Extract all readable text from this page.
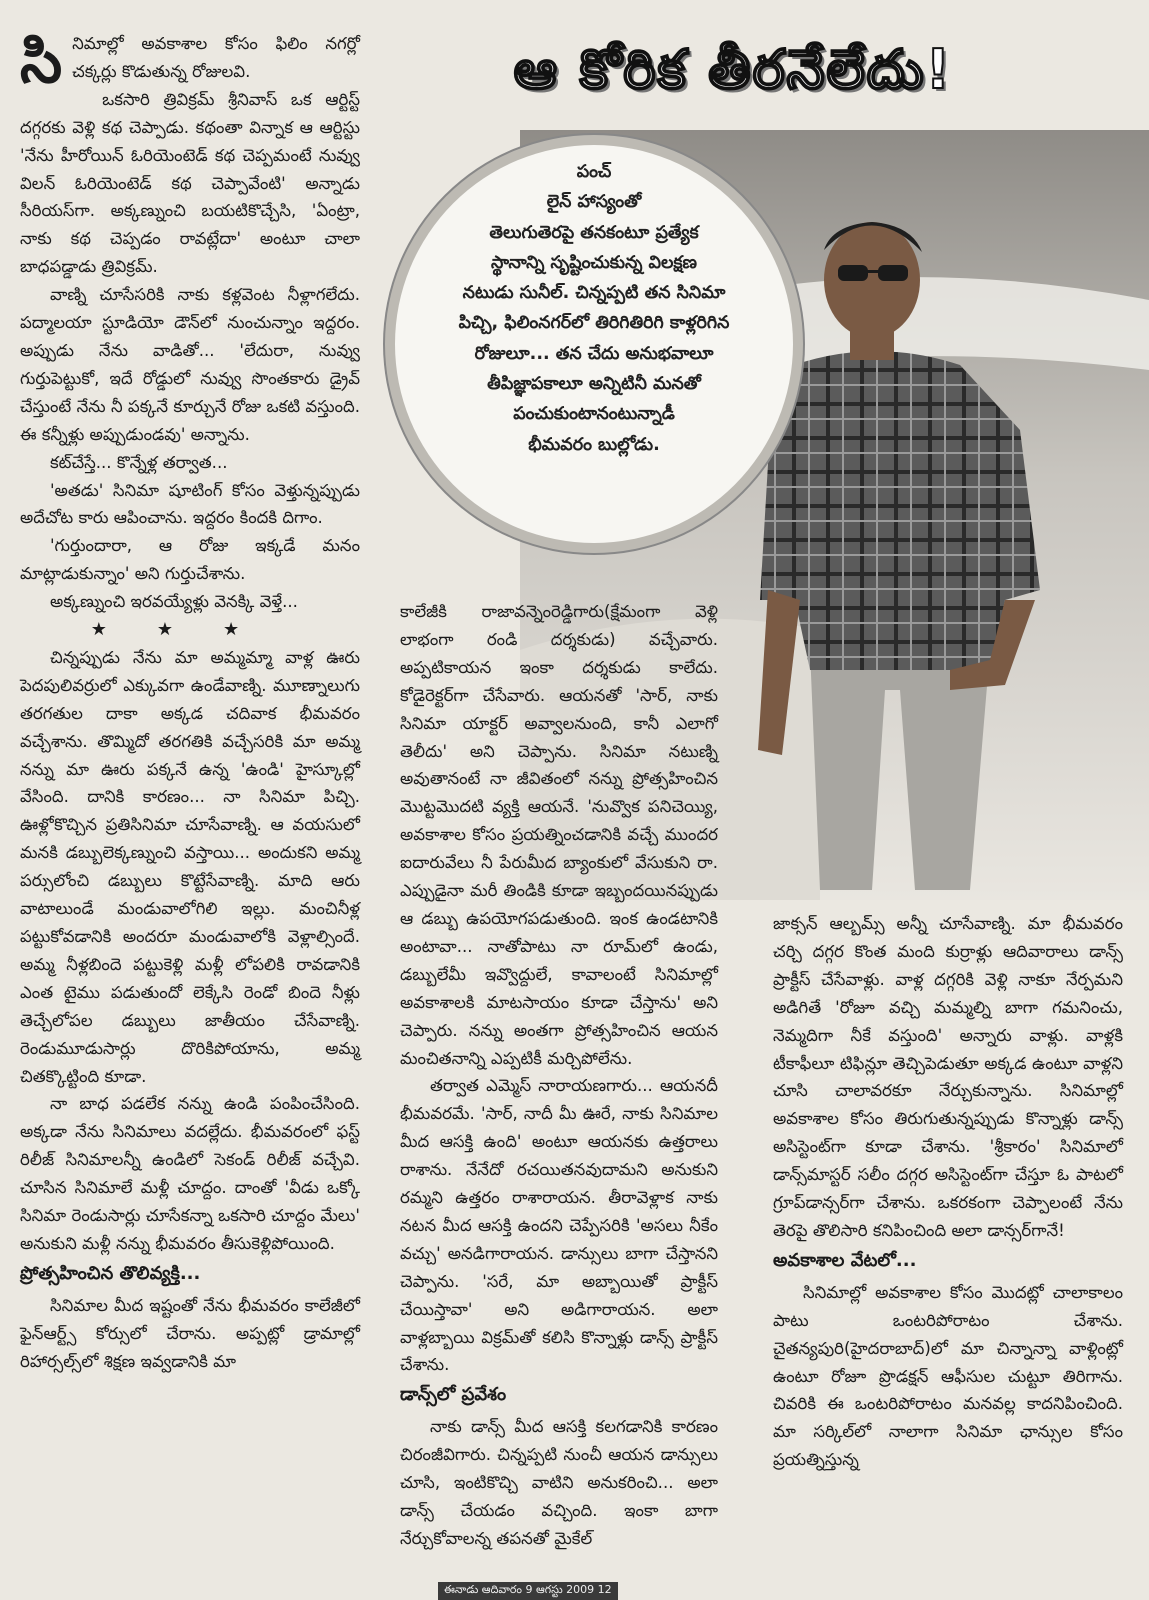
ఆ కోరిక తీరనేలేదు!
పంచ్
లైన్ హాస్యంతో
తెలుగుతెరపై తనకంటూ ప్రత్యేక
స్థానాన్ని సృష్టించుకున్న విలక్షణ
నటుడు సునీల్. చిన్నప్పటి తన సినిమా
పిచ్చి, ఫిలింనగర్‌లో తిరిగితిరిగి కాళ్లరిగిన
రోజులూ... తన చేదు అనుభవాలూ
తీపిజ్ఞాపకాలూ అన్నిటినీ మనతో
పంచుకుంటానంటున్నాడీ
భీమవరం బుల్లోడు.

సినిమాల్లో అవకాశాల కోసం ఫిలిం నగర్లో చక్కర్లు కొడుతున్న రోజులవి.

ఒకసారి త్రివిక్రమ్ శ్రీనివాస్ ఒక ఆర్టిస్ట్ దగ్గరకు వెళ్లి కథ చెప్పాడు. కథంతా విన్నాక ఆ ఆర్టిస్టు 'నేను హీరోయిన్ ఓరియెంటెడ్ కథ చెప్పమంటే నువ్వు విలన్ ఓరియెంటెడ్ కథ చెప్పావేంటి' అన్నాడు సీరియస్‌గా. అక్కణ్నుంచి బయటికొచ్చేసి, 'ఏంట్రా, నాకు కథ చెప్పడం రావట్లేదా' అంటూ చాలా బాధపడ్డాడు త్రివిక్రమ్.

వాణ్ని చూసేసరికి నాకు కళ్లవెంట నీళ్లాగలేదు. పద్మాలయా స్టూడియో డౌన్‌లో నుంచున్నాం ఇద్దరం. అప్పుడు నేను వాడితో... 'లేదురా, నువ్వు గుర్తుపెట్టుకో, ఇదే రోడ్డులో నువ్వు సొంతకారు డ్రైవ్ చేస్తుంటే నేను నీ పక్కనే కూర్చునే రోజు ఒకటి వస్తుంది. ఈ కన్నీళ్లు అప్పుడుండవు' అన్నాను.

కట్‌చేస్తే... కొన్నేళ్ల తర్వాత...

'అతడు' సినిమా షూటింగ్ కోసం వెళ్తున్నప్పుడు అదేచోట కారు ఆపించాను. ఇద్దరం కిందకి దిగాం.

'గుర్తుందారా, ఆ రోజు ఇక్కడే మనం మాట్లాడుకున్నాం' అని గుర్తుచేశాను.

అక్కణ్నుంచి ఇరవయ్యేళ్లు వెనక్కి వెళ్తే...

★★★

చిన్నప్పుడు నేను మా అమ్మమ్మా వాళ్ల ఊరు పెదపులివర్రులో ఎక్కువగా ఉండేవాణ్ని. మూణ్నాలుగు తరగతుల దాకా అక్కడ చదివాక భీమవరం వచ్చేశాను. తొమ్మిదో తరగతికి వచ్చేసరికి మా అమ్మ నన్ను మా ఊరు పక్కనే ఉన్న 'ఉండి' హైస్కూల్లో వేసింది. దానికి కారణం... నా సినిమా పిచ్చి. ఊళ్లోకొచ్చిన ప్రతిసినిమా చూసేవాణ్ని. ఆ వయసులో మనకి డబ్బులెక్కణ్నుంచి వస్తాయి... అందుకని అమ్మ పర్సులోంచి డబ్బులు కొట్టేసేవాణ్ని. మాది ఆరు వాటాలుండే మండువాలోగిలి ఇల్లు. మంచినీళ్ల పట్టుకోవడానికి అందరూ మండువాలోకి వెళ్లాల్సిందే. అమ్మ నీళ్లబిందె పట్టుకెళ్లి మళ్లీ లోపలికి రావడానికి ఎంత టైము పడుతుందో లెక్కేసి రెండో బిందె నీళ్లు తెచ్చేలోపల డబ్బులు జాతీయం చేసేవాణ్ని. రెండుమూడుసార్లు దొరికిపోయాను, అమ్మ చితక్కొట్టింది కూడా.

నా బాధ పడలేక నన్ను ఉండి పంపించేసింది. అక్కడా నేను సినిమాలు వదల్లేదు. భీమవరంలో ఫస్ట్ రిలీజ్ సినిమాలన్నీ ఉండిలో సెకండ్ రిలీజ్ వచ్చేవి. చూసిన సినిమాలే మళ్లీ చూద్దం. దాంతో 'వీడు ఒక్కో సినిమా రెండుసార్లు చూసేకన్నా ఒకసారి చూద్దం మేలు' అనుకుని మళ్లీ నన్ను భీమవరం తీసుకెళ్లిపోయింది.

ప్రోత్సహించిన తొలివ్యక్తి...

సినిమాల మీద ఇష్టంతో నేను భీమవరం కాలేజీలో ఫైన్‌ఆర్ట్స్ కోర్సులో చేరాను. అప్పట్లో డ్రామాల్లో రిహార్సల్స్‌లో శిక్షణ ఇవ్వడానికి మా

కాలేజీకి రాజావన్నెంరెడ్డిగారు(క్షేమంగా వెళ్లి లాభంగా రండి దర్శకుడు) వచ్చేవారు. అప్పటికాయన ఇంకా దర్శకుడు కాలేదు. కోడైరెక్టర్‌గా చేసేవారు. ఆయనతో 'సార్, నాకు సినిమా యాక్టర్ అవ్వాలనుంది, కానీ ఎలాగో తెలీదు' అని చెప్పాను. సినిమా నటుణ్ని అవుతానంటే నా జీవితంలో నన్ను ప్రోత్సహించిన మొట్టమొదటి వ్యక్తి ఆయనే. 'నువ్వొక పనిచెయ్యి, అవకాశాల కోసం ప్రయత్నించడానికి వచ్చే ముందర ఐదారువేలు నీ పేరుమీద బ్యాంకులో వేసుకుని రా. ఎప్పుడైనా మరీ తిండికి కూడా ఇబ్బందయినప్పుడు ఆ డబ్బు ఉపయోగపడుతుంది. ఇంక ఉండటానికి అంటావా... నాతోపాటు నా రూమ్‌లో ఉండు, డబ్బులేమీ ఇవ్వొద్దులే, కావాలంటే సినిమాల్లో అవకాశాలకి మాటసాయం కూడా చేస్తాను' అని చెప్పారు. నన్ను అంతగా ప్రోత్సహించిన ఆయన మంచితనాన్ని ఎప్పటికీ మర్చిపోలేను.

తర్వాత ఎమ్మెస్ నారాయణగారు... ఆయనదీ భీమవరమే. 'సార్, నాదీ మీ ఊరే, నాకు సినిమాల మీద ఆసక్తి ఉంది' అంటూ ఆయనకు ఉత్తరాలు రాశాను. నేనేదో రచయితనవుదామని అనుకుని రమ్మని ఉత్తరం రాశారాయన. తీరావెళ్లాక నాకు నటన మీద ఆసక్తి ఉందని చెప్పేసరికి 'అసలు నీకేం వచ్చు' అనడిగారాయన. డాన్సులు బాగా చేస్తానని చెప్పాను. 'సరే, మా అబ్బాయితో ప్రాక్టీస్ చేయిస్తావా' అని అడిగారాయన. అలా వాళ్లబ్బాయి విక్రమ్‌తో కలిసి కొన్నాళ్లు డాన్స్ ప్రాక్టీస్ చేశాను.

డాన్స్‌లో ప్రవేశం

నాకు డాన్స్ మీద ఆసక్తి కలగడానికి కారణం చిరంజీవిగారు. చిన్నప్పటి నుంచీ ఆయన డాన్సులు చూసి, ఇంటికొచ్చి వాటిని అనుకరించి... అలా డాన్స్ చేయడం వచ్చింది. ఇంకా బాగా నేర్చుకోవాలన్న తపనతో మైకేల్

జాక్సన్ ఆల్బమ్స్ అన్నీ చూసేవాణ్ని. మా భీమవరం చర్చి దగ్గర కొంత మంది కుర్రాళ్లు ఆదివారాలు డాన్స్ ప్రాక్టీస్ చేసేవాళ్లు. వాళ్ల దగ్గరికి వెళ్లి నాకూ నేర్పమని అడిగితే 'రోజూ వచ్చి మమ్మల్ని బాగా గమనించు, నెమ్మదిగా నీకే వస్తుంది' అన్నారు వాళ్లు. వాళ్లకి టీకాఫీలూ టిఫిన్లూ తెచ్చిపెడుతూ అక్కడ ఉంటూ వాళ్లని చూసి చాలావరకూ నేర్చుకున్నాను. సినిమాల్లో అవకాశాల కోసం తిరుగుతున్నప్పుడు కొన్నాళ్లు డాన్స్ అసిస్టెంట్‌గా కూడా చేశాను. 'శ్రీకారం' సినిమాలో డాన్స్‌మాస్టర్ సలీం దగ్గర అసిస్టెంట్‌గా చేస్తూ ఓ పాటలో గ్రూప్‌డాన్సర్‌గా చేశాను. ఒకరకంగా చెప్పాలంటే నేను తెరపై తొలిసారి కనిపించింది అలా డాన్సర్‌గానే!

అవకాశాల వేటలో...

సినిమాల్లో అవకాశాల కోసం మొదట్లో చాలాకాలం పాటు ఒంటరిపోరాటం చేశాను. చైతన్యపురి(హైదరాబాద్)లో మా చిన్నాన్నా వాళ్లింట్లో ఉంటూ రోజూ ప్రొడక్షన్ ఆఫీసుల చుట్టూ తిరిగాను. చివరికి ఈ ఒంటరిపోరాటం మనవల్ల కాదనిపించింది. మా సర్కిల్‌లో నాలాగా సినిమా ఛాన్సుల కోసం ప్రయత్నిస్తున్న

ఈనాడు ఆదివారం 9 ఆగస్టు 2009 12
